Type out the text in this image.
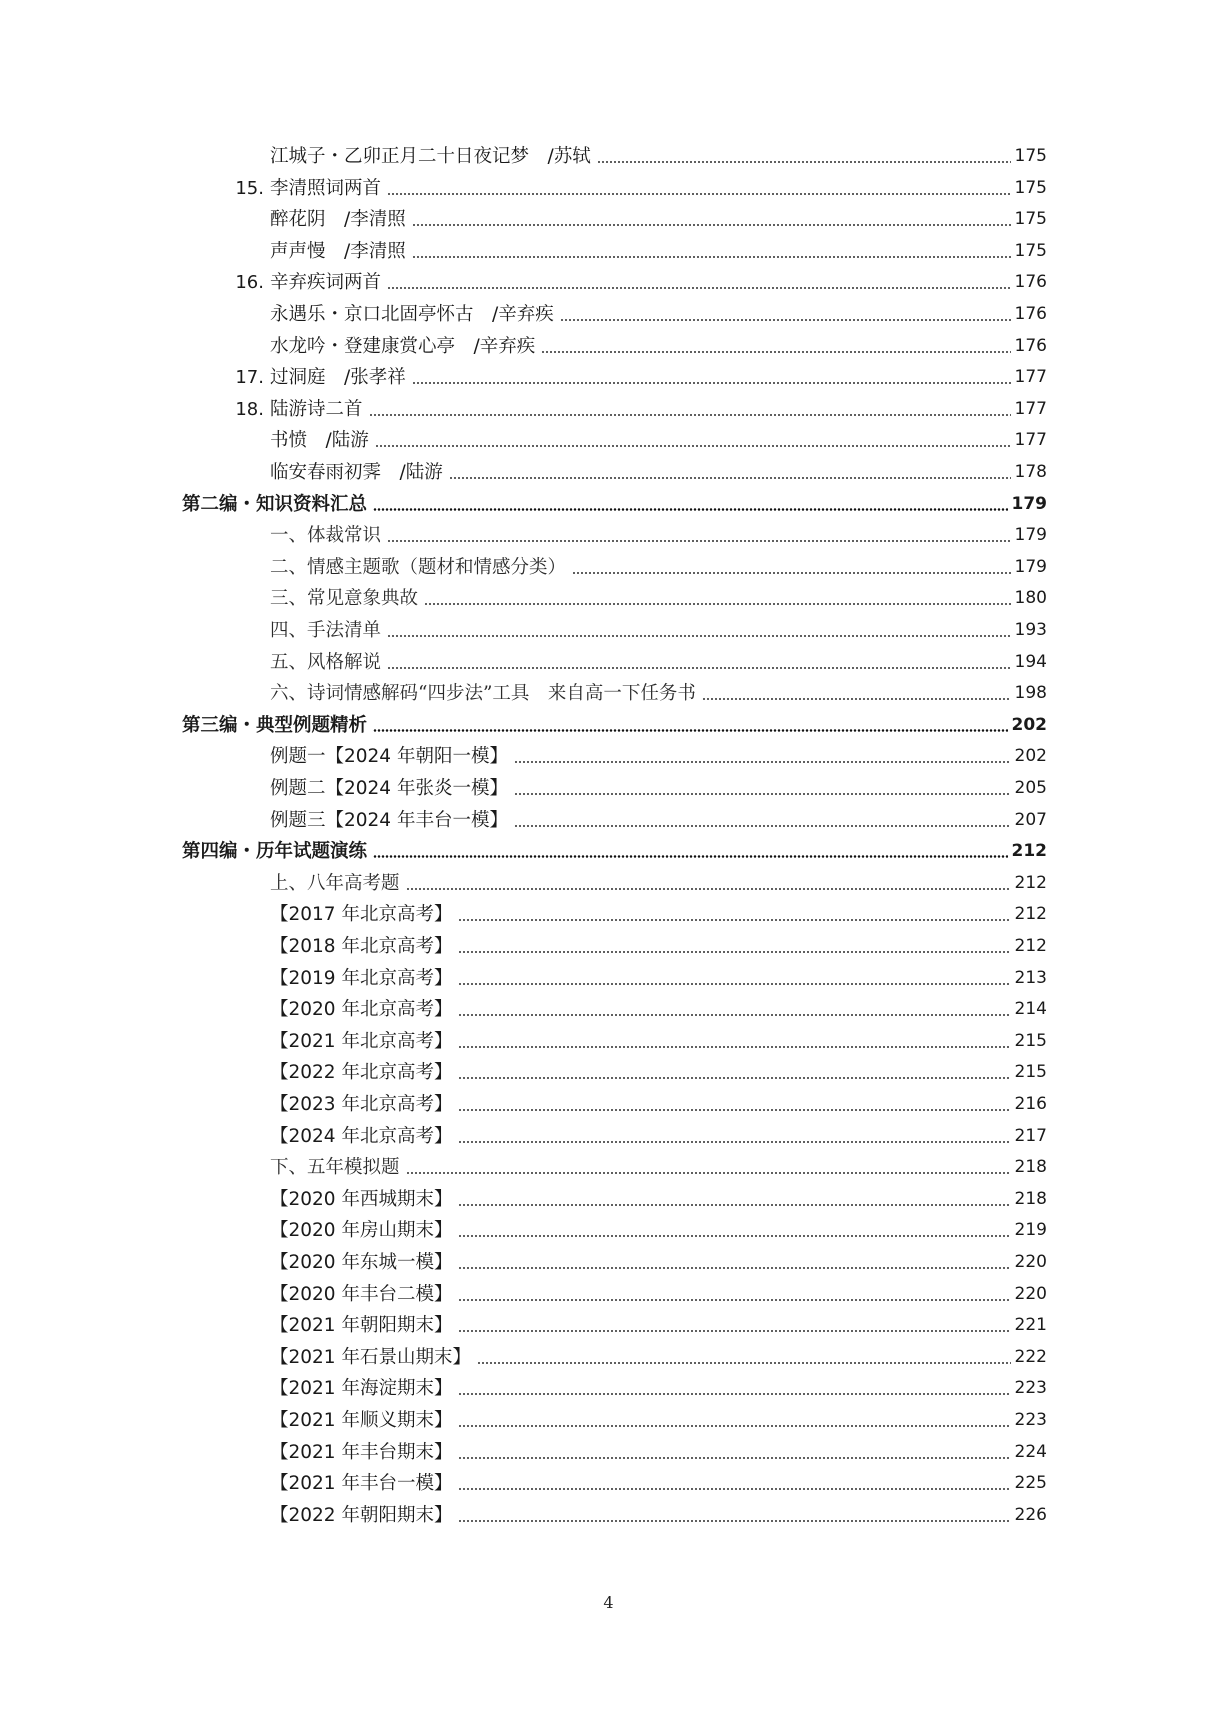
江城子・乙卯正月二十日夜记梦　/苏轼	175
15. 李清照词两首	175
醉花阴　/李清照	175
声声慢　/李清照	175
16. 辛弃疾词两首	176
永遇乐・京口北固亭怀古　/辛弃疾	176
水龙吟・登建康赏心亭　/辛弃疾	176
17. 过洞庭　/张孝祥	177
18. 陆游诗二首	177
书愤　/陆游	177
临安春雨初霁　/陆游	178
第二编・知识资料汇总	179
一、体裁常识	179
二、情感主题歌（题材和情感分类）	179
三、常见意象典故	180
四、手法清单	193
五、风格解说	194
六、诗词情感解码“四步法”工具　来自高一下任务书	198
第三编・典型例题精析	202
例题一【2024 年朝阳一模】	202
例题二【2024 年张炎一模】	205
例题三【2024 年丰台一模】	207
第四编・历年试题演练	212
上、八年高考题	212
【2017 年北京高考】	212
【2018 年北京高考】	212
【2019 年北京高考】	213
【2020 年北京高考】	214
【2021 年北京高考】	215
【2022 年北京高考】	215
【2023 年北京高考】	216
【2024 年北京高考】	217
下、五年模拟题	218
【2020 年西城期末】	218
【2020 年房山期末】	219
【2020 年东城一模】	220
【2020 年丰台二模】	220
【2021 年朝阳期末】	221
【2021 年石景山期末】	222
【2021 年海淀期末】	223
【2021 年顺义期末】	223
【2021 年丰台期末】	224
【2021 年丰台一模】	225
【2022 年朝阳期末】	226
4
